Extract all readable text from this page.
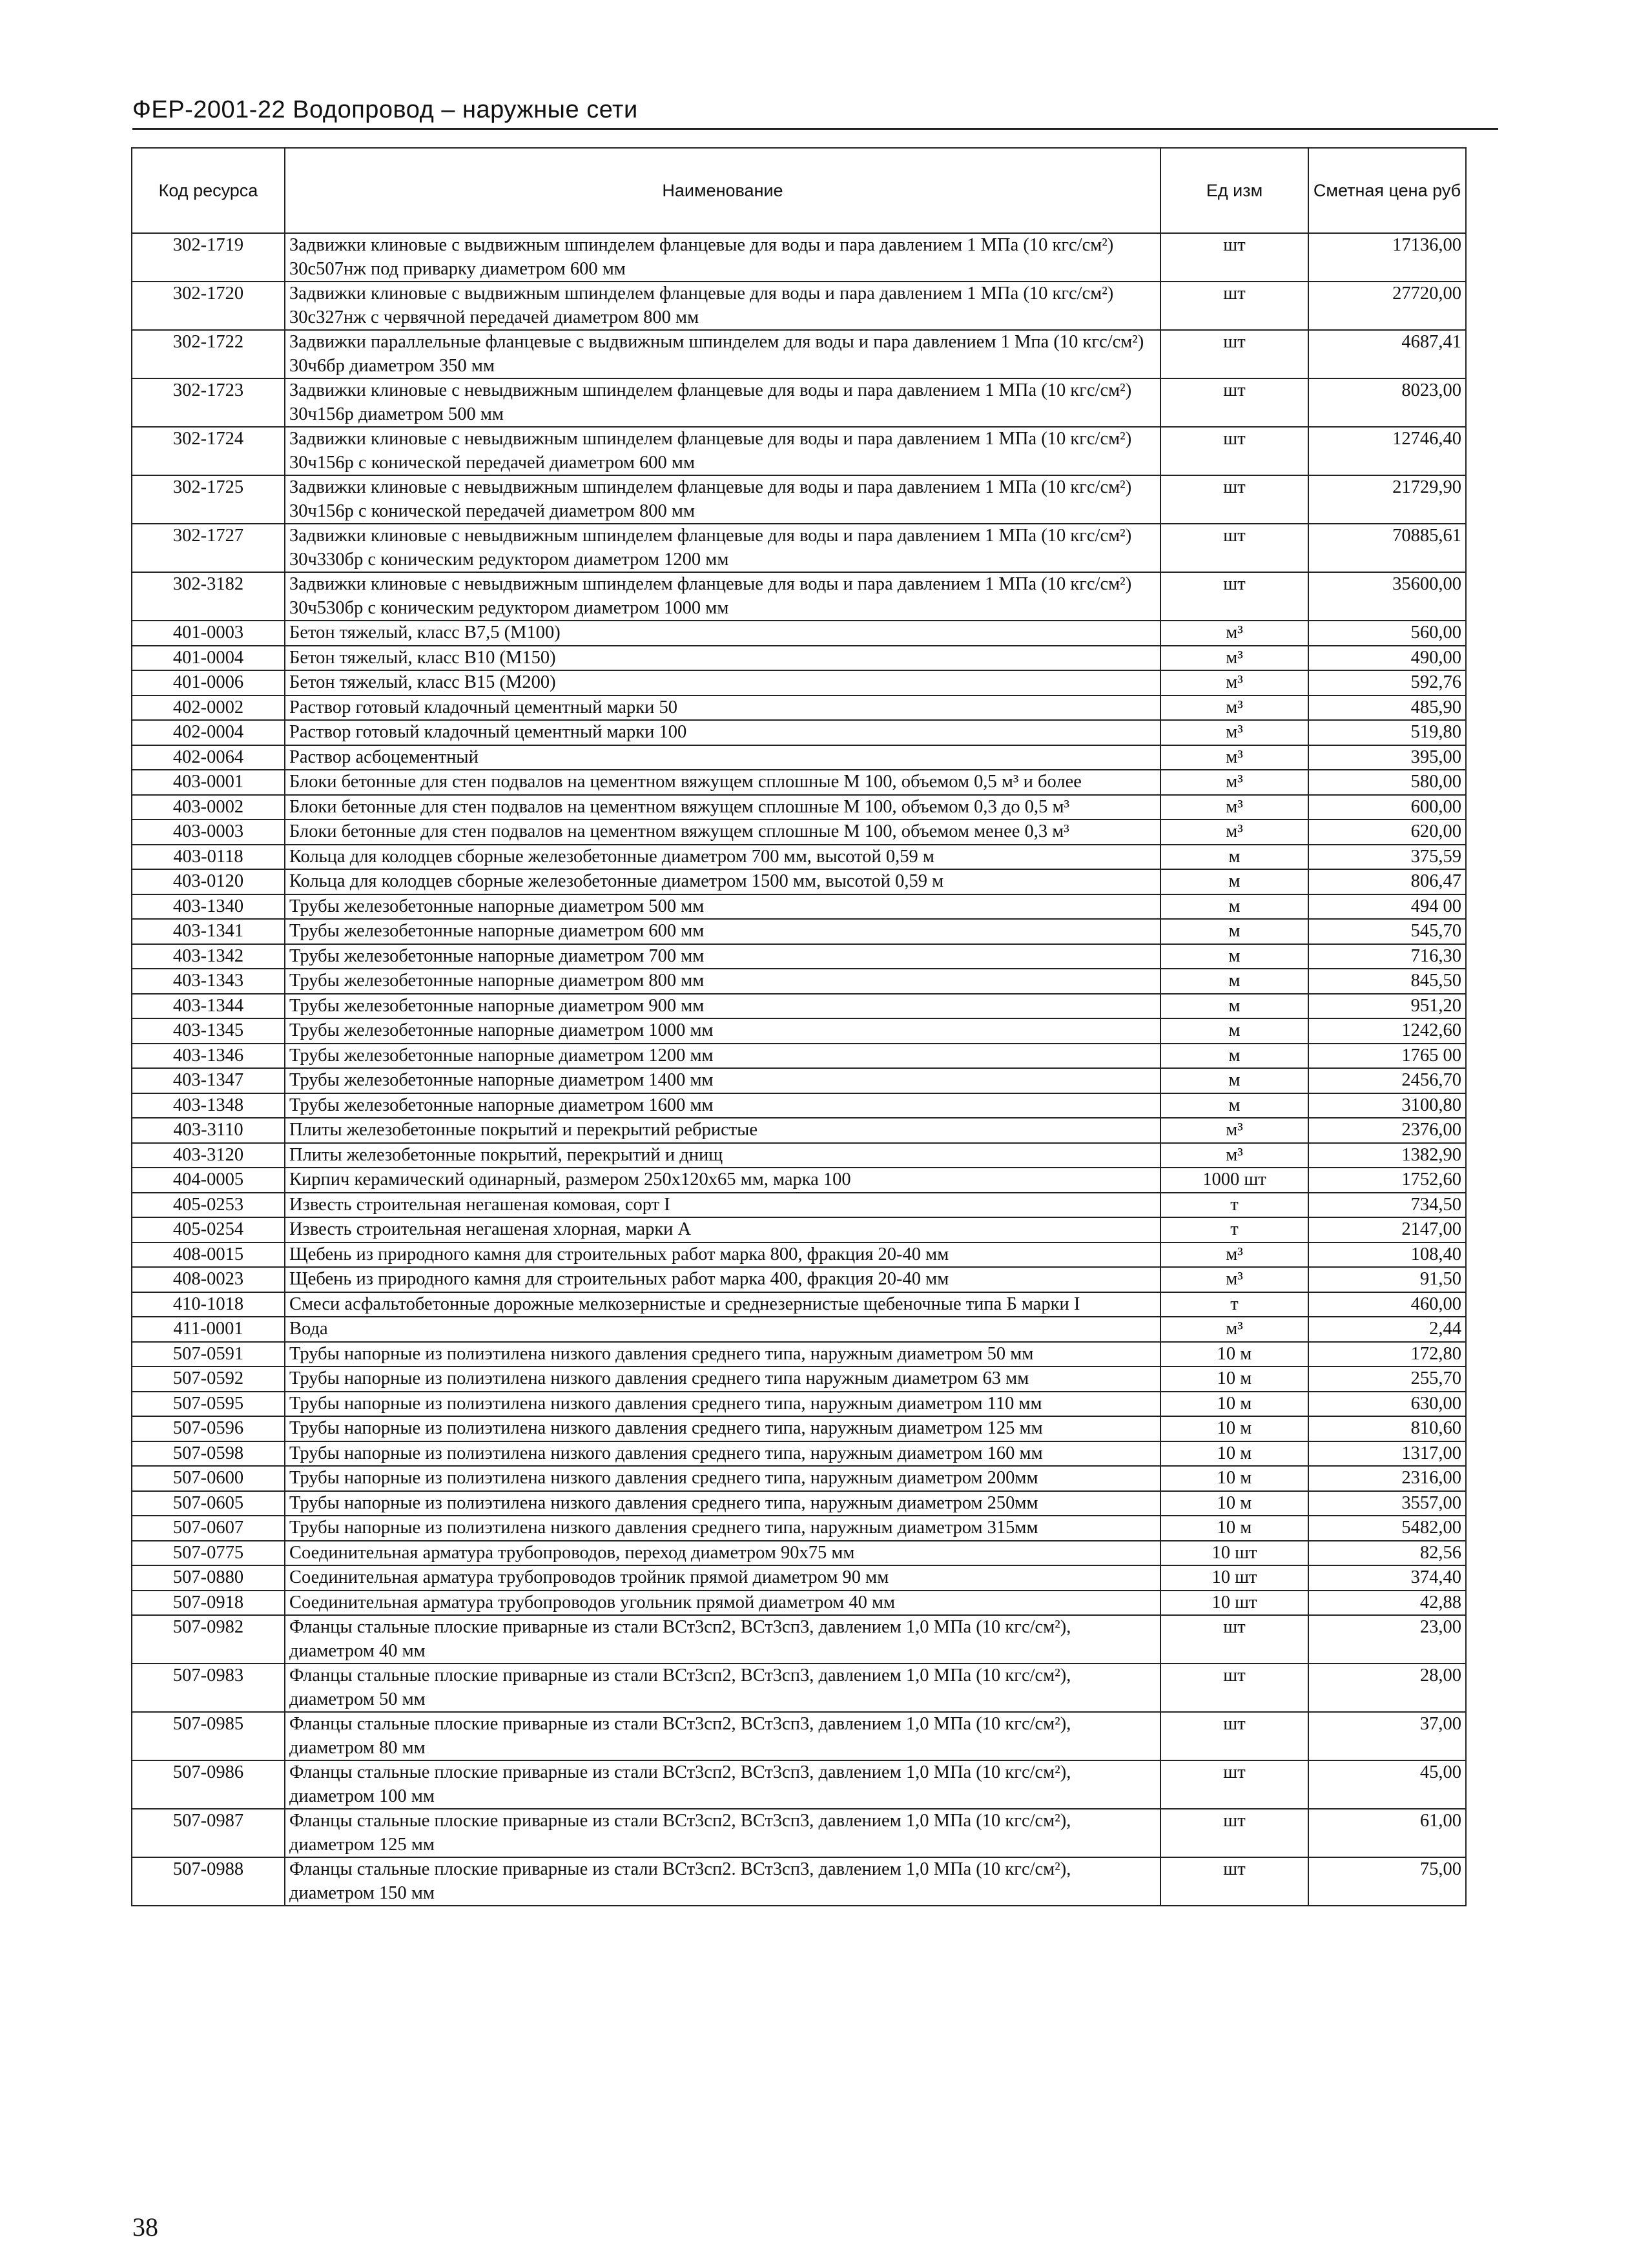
ФЕР-2001-22 Водопровод – наружные сети
Код ресурса	Наименование	Ед изм	Сметная цена руб
302-1719	Задвижки клиновые с выдвижным шпинделем фланцевые для воды и пара давлением 1 МПа (10 кгс/см²) 30с507нж под приварку диаметром 600 мм	шт	17136,00
302-1720	Задвижки клиновые с выдвижным шпинделем фланцевые для воды и пара давлением 1 МПа (10 кгс/см²) 30с327нж с червячной передачей диаметром 800 мм	шт	27720,00
302-1722	Задвижки параллельные фланцевые с выдвижным шпинделем для воды и пара давлением 1 Мпа (10 кгс/см²) 30ч6бр диаметром 350 мм	шт	4687,41
302-1723	Задвижки клиновые с невыдвижным шпинделем фланцевые для воды и пара давлением 1 МПа (10 кгс/см²) 30ч156р диаметром 500 мм	шт	8023,00
302-1724	Задвижки клиновые с невыдвижным шпинделем фланцевые для воды и пара давлением 1 МПа (10 кгс/см²) 30ч156р с конической передачей диаметром 600 мм	шт	12746,40
302-1725	Задвижки клиновые с невыдвижным шпинделем фланцевые для воды и пара давлением 1 МПа (10 кгс/см²) 30ч156р с конической передачей диаметром 800 мм	шт	21729,90
302-1727	Задвижки клиновые с невыдвижным шпинделем фланцевые для воды и пара давлением 1 МПа (10 кгс/см²) 30ч330бр с коническим редуктором диаметром 1200 мм	шт	70885,61
302-3182	Задвижки клиновые с невыдвижным шпинделем фланцевые для воды и пара давлением 1 МПа (10 кгс/см²) 30ч530бр с коническим редуктором диаметром 1000 мм	шт	35600,00
401-0003	Бетон тяжелый, класс В7,5 (М100)	м³	560,00
401-0004	Бетон тяжелый, класс В10 (М150)	м³	490,00
401-0006	Бетон тяжелый, класс В15 (М200)	м³	592,76
402-0002	Раствор готовый кладочный цементный марки 50	м³	485,90
402-0004	Раствор готовый кладочный цементный марки 100	м³	519,80
402-0064	Раствор асбоцементный	м³	395,00
403-0001	Блоки бетонные для стен подвалов на цементном вяжущем сплошные М 100, объемом 0,5 м³ и более	м³	580,00
403-0002	Блоки бетонные для стен подвалов на цементном вяжущем сплошные М 100, объемом 0,3 до 0,5 м³	м³	600,00
403-0003	Блоки бетонные для стен подвалов на цементном вяжущем сплошные М 100, объемом менее 0,3 м³	м³	620,00
403-0118	Кольца для колодцев сборные железобетонные диаметром 700 мм, высотой 0,59 м	м	375,59
403-0120	Кольца для колодцев сборные железобетонные диаметром 1500 мм, высотой 0,59 м	м	806,47
403-1340	Трубы железобетонные напорные диаметром 500 мм	м	494 00
403-1341	Трубы железобетонные напорные диаметром 600 мм	м	545,70
403-1342	Трубы железобетонные напорные диаметром 700 мм	м	716,30
403-1343	Трубы железобетонные напорные диаметром 800 мм	м	845,50
403-1344	Трубы железобетонные напорные диаметром 900 мм	м	951,20
403-1345	Трубы железобетонные напорные диаметром 1000 мм	м	1242,60
403-1346	Трубы железобетонные напорные диаметром 1200 мм	м	1765 00
403-1347	Трубы железобетонные напорные диаметром 1400 мм	м	2456,70
403-1348	Трубы железобетонные напорные диаметром 1600 мм	м	3100,80
403-3110	Плиты железобетонные покрытий и перекрытий ребристые	м³	2376,00
403-3120	Плиты железобетонные покрытий, перекрытий и днищ	м³	1382,90
404-0005	Кирпич керамический одинарный, размером 250х120х65 мм, марка 100	1000 шт	1752,60
405-0253	Известь строительная негашеная комовая, сорт I	т	734,50
405-0254	Известь строительная негашеная хлорная, марки А	т	2147,00
408-0015	Щебень из природного камня для строительных работ марка 800, фракция 20-40 мм	м³	108,40
408-0023	Щебень из природного камня для строительных работ марка 400, фракция 20-40 мм	м³	91,50
410-1018	Смеси асфальтобетонные дорожные мелкозернистые и среднезернистые щебеночные типа Б марки I	т	460,00
411-0001	Вода	м³	2,44
507-0591	Трубы напорные из полиэтилена низкого давления среднего типа, наружным диаметром 50 мм	10 м	172,80
507-0592	Трубы напорные из полиэтилена низкого давления среднего типа наружным диаметром 63 мм	10 м	255,70
507-0595	Трубы напорные из полиэтилена низкого давления среднего типа, наружным диаметром 110 мм	10 м	630,00
507-0596	Трубы напорные из полиэтилена низкого давления среднего типа, наружным диаметром 125 мм	10 м	810,60
507-0598	Трубы напорные из полиэтилена низкого давления среднего типа, наружным диаметром 160 мм	10 м	1317,00
507-0600	Трубы напорные из полиэтилена низкого давления среднего типа, наружным диаметром 200мм	10 м	2316,00
507-0605	Трубы напорные из полиэтилена низкого давления среднего типа, наружным диаметром 250мм	10 м	3557,00
507-0607	Трубы напорные из полиэтилена низкого давления среднего типа, наружным диаметром 315мм	10 м	5482,00
507-0775	Соединительная арматура трубопроводов, переход диаметром 90х75 мм	10 шт	82,56
507-0880	Соединительная арматура трубопроводов тройник прямой диаметром 90 мм	10 шт	374,40
507-0918	Соединительная арматура трубопроводов угольник прямой диаметром 40 мм	10 шт	42,88
507-0982	Фланцы стальные плоские приварные из стали ВСт3сп2, ВСт3сп3, давлением 1,0 МПа (10 кгс/см²), диаметром 40 мм	шт	23,00
507-0983	Фланцы стальные плоские приварные из стали ВСт3сп2, ВСт3сп3, давлением 1,0 МПа (10 кгс/см²), диаметром 50 мм	шт	28,00
507-0985	Фланцы стальные плоские приварные из стали ВСт3сп2, ВСт3сп3, давлением 1,0 МПа (10 кгс/см²), диаметром 80 мм	шт	37,00
507-0986	Фланцы стальные плоские приварные из стали ВСт3сп2, ВСт3сп3, давлением 1,0 МПа (10 кгс/см²), диаметром 100 мм	шт	45,00
507-0987	Фланцы стальные плоские приварные из стали ВСт3сп2, ВСт3сп3, давлением 1,0 МПа (10 кгс/см²), диаметром 125 мм	шт	61,00
507-0988	Фланцы стальные плоские приварные из стали ВСт3сп2. ВСт3сп3, давлением 1,0 МПа (10 кгс/см²), диаметром 150 мм	шт	75,00
38
